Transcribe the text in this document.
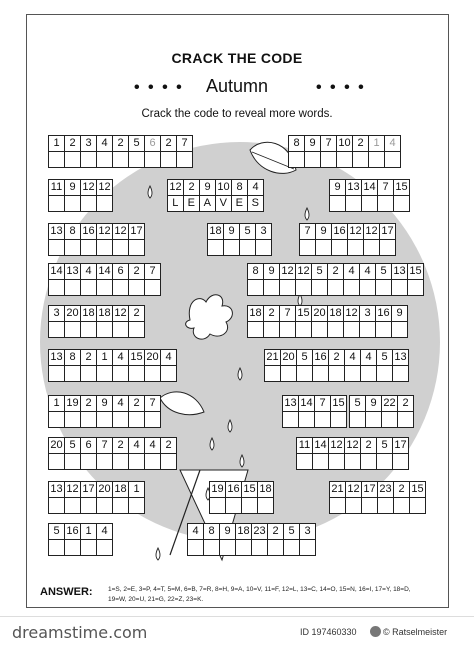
CRACK THE CODE
• • • •	Autumn	• • • •
Crack the code to reveal more words.
1 2 3 4 2 5 6 2 7	8 9 7 10 2 1 4
11 9 12 12	12 2 9 10 8 4
L E A V E S
9 13 14 7 15
13 8 16 12 12 17	18 9 5 3	7 9 16 12 12 17
14 13 4 14 6 2 7	8 9 12 12 5 2 4 4 5 13 15
3 20 18 18 12 2	18 2 7 15 20 18 12 3 16 9
13 8 2 1 4 15 20 4	21 20 5 16 2 4 4 5 13
1 19 2 9 4 2 7	13 14 7 15 5 9 22 2
20 5 6 7 2 4 4 2	11 14 12 12 2 5 17
13 12 17 20 18 1	19 16 15 18	21 12 17 23 2 15
5 16 1 4	4 8 9 18 23 2 5 3
ANSWER: 1=S, 2=E, 3=P, 4=T, 5=M, 6=B, 7=R, 8=H, 9=A, 10=V, 11=F, 12=L, 13=C, 14=O, 15=N, 16=I, 17=Y, 18=D,
19=W, 20=U, 21=G, 22=Z, 23=K.
dreamstime.com	ID 197460330	© Ratselmeister
